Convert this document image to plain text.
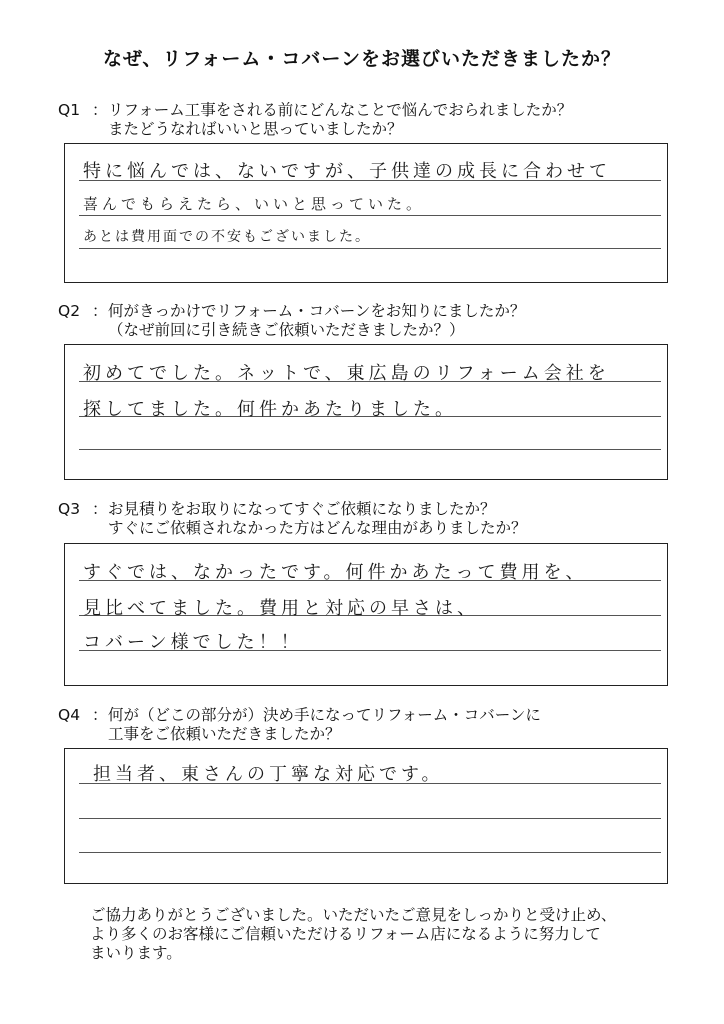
なぜ、リフォーム・コバーンをお選びいただきましたか？
Q1 ： リフォーム工事をされる前にどんなことで悩んでおられましたか？
またどうなればいいと思っていましたか？
特に悩んでは、ないですが、子供達の成長に合わせて
喜んでもらえたら、いいと思っていた。
あとは費用面での不安もございました。
Q2 ： 何がきっかけでリフォーム・コバーンをお知りにましたか？
（なぜ前回に引き続きご依頼いただきましたか？）
初めてでした。ネットで、東広島のリフォーム会社を
探してました。何件かあたりました。
Q3 ： お見積りをお取りになってすぐご依頼になりましたか？
すぐにご依頼されなかった方はどんな理由がありましたか？
すぐでは、なかったです。何件かあたって費用を、
見比べてました。費用と対応の早さは、
コバーン様でした！！
Q4 ： 何が（どこの部分が）決め手になってリフォーム・コバーンに
工事をご依頼いただきましたか？
担当者、東さんの丁寧な対応です。
ご協力ありがとうございました。いただいたご意見をしっかりと受け止め、
より多くのお客様にご信頼いただけるリフォーム店になるように努力して
まいります。
